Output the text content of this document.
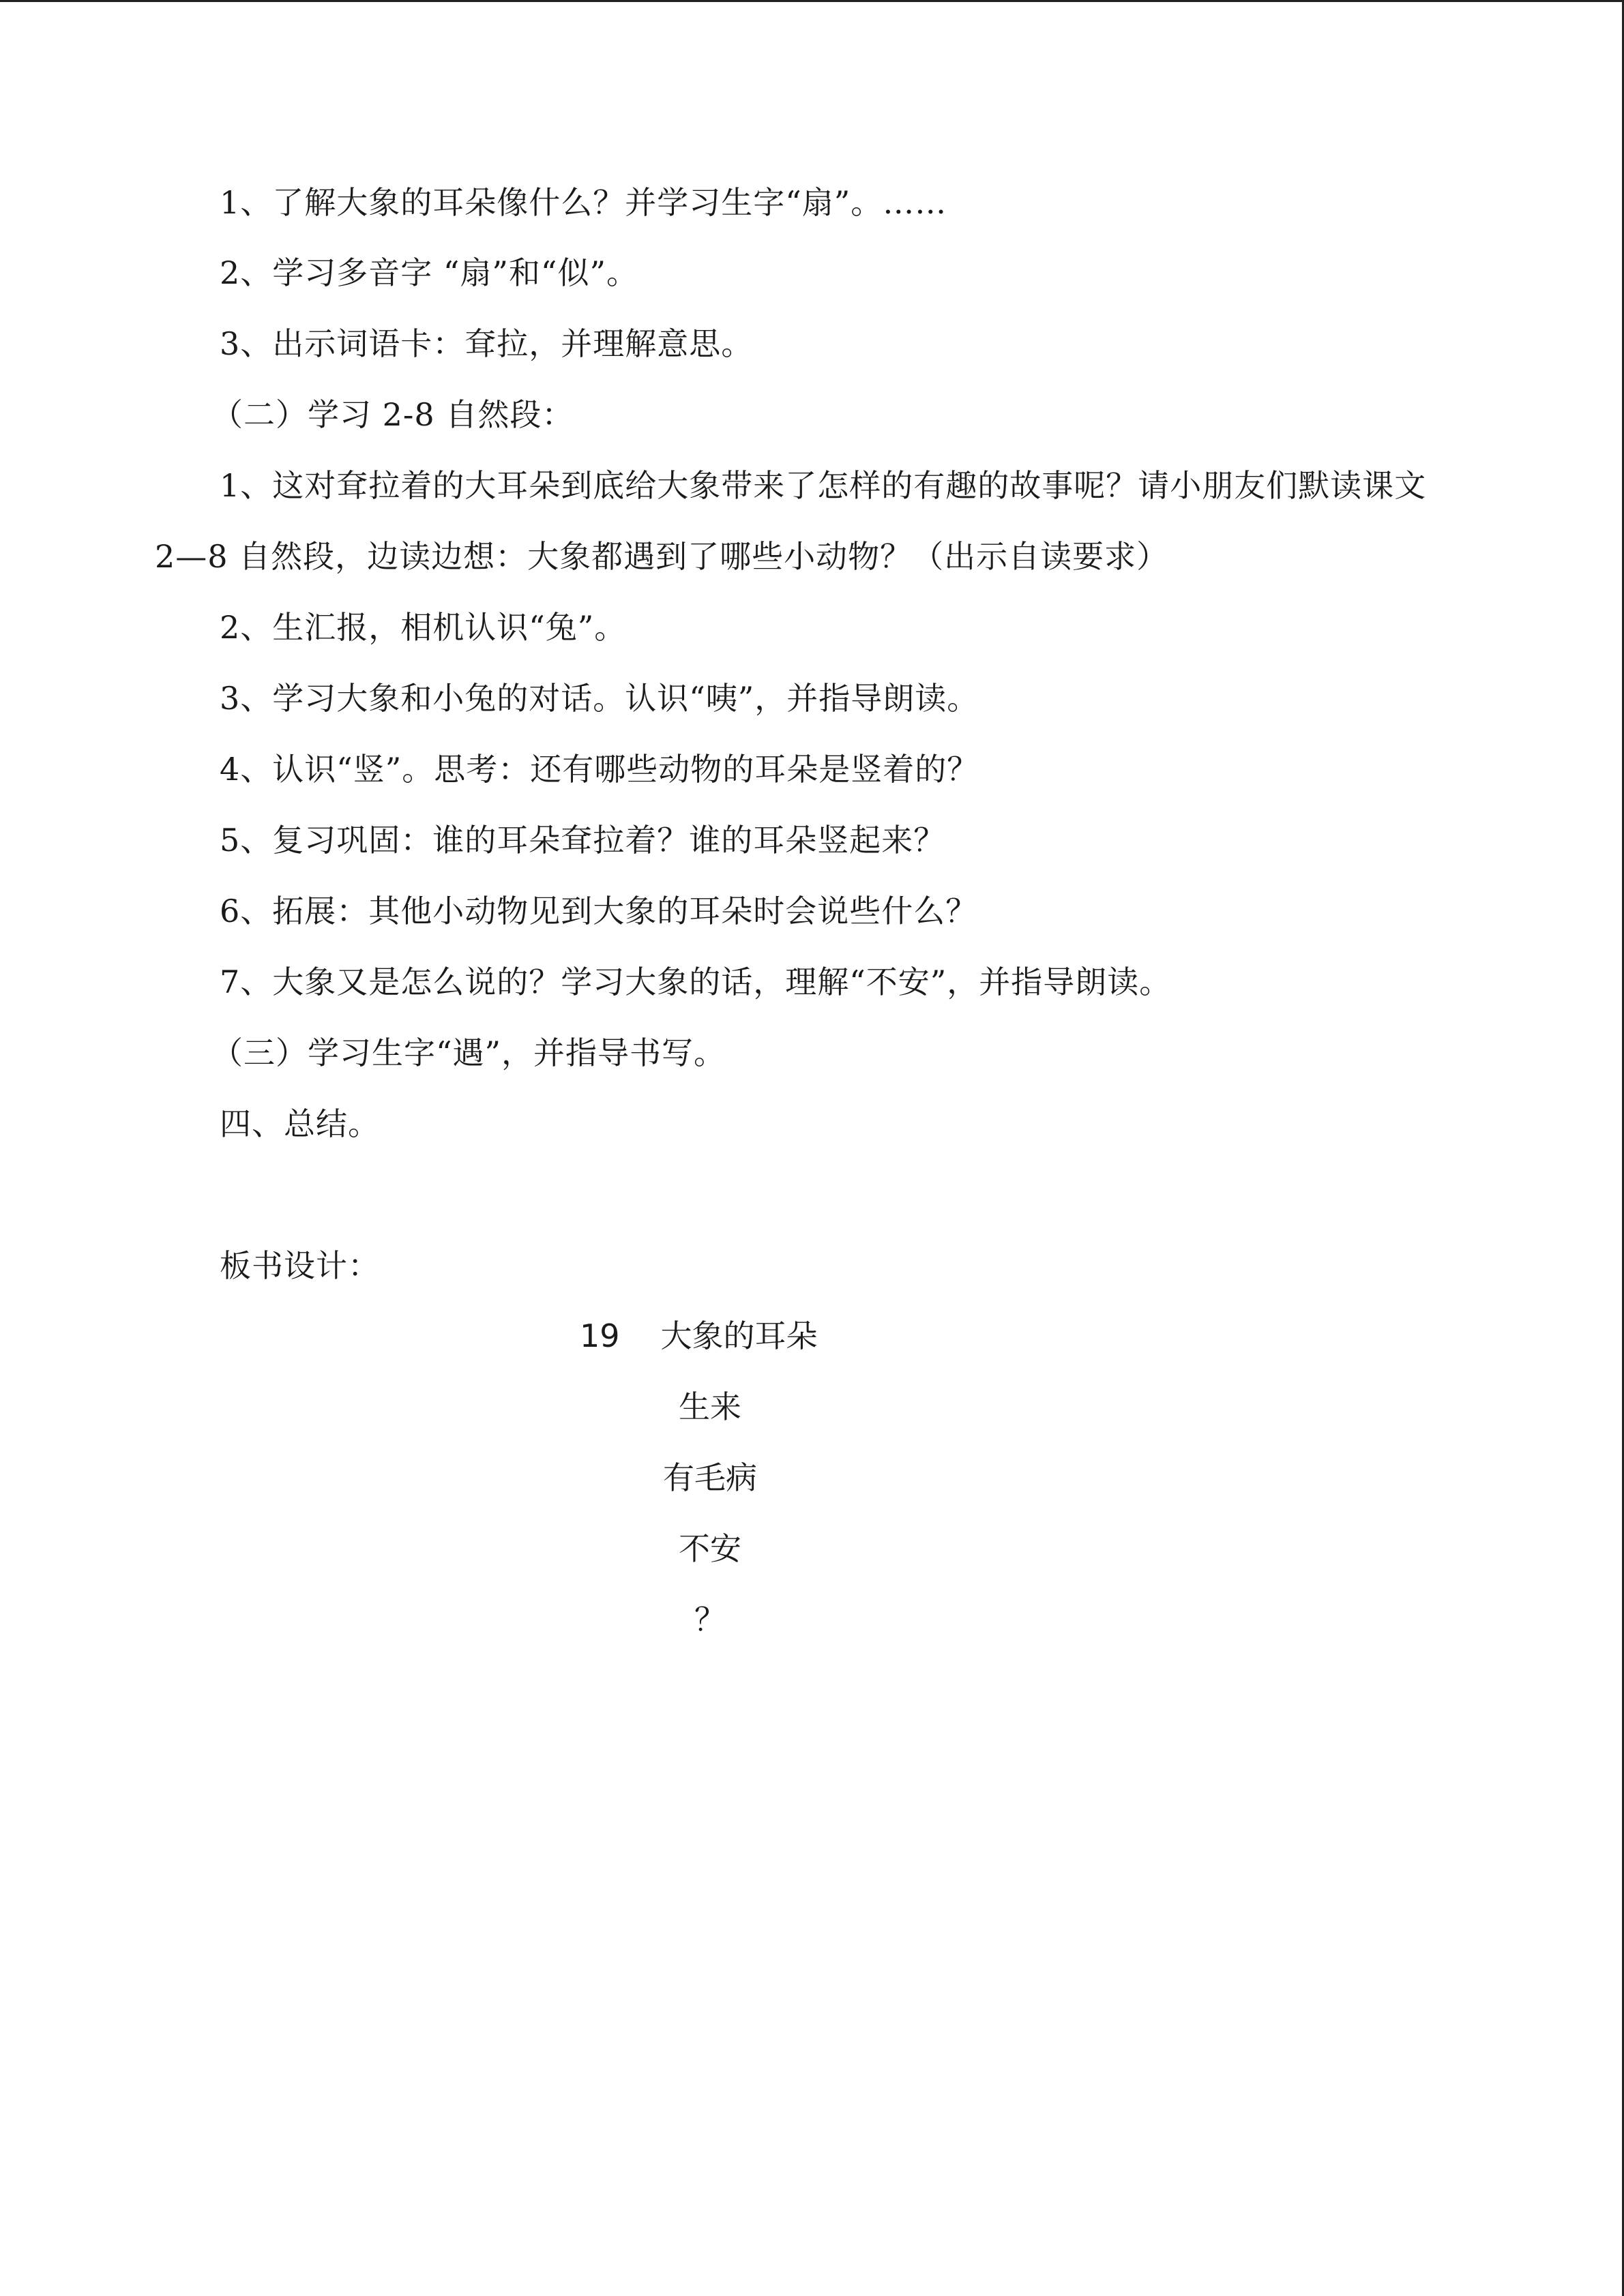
1、了解大象的耳朵像什么？并学习生字“扇”。……
2、学习多音字 “扇”和“似”。
3、出示词语卡：耷拉，并理解意思。
（二）学习 2-8 自然段：
1、这对耷拉着的大耳朵到底给大象带来了怎样的有趣的故事呢？请小朋友们默读课文
2—8 自然段，边读边想：大象都遇到了哪些小动物？（出示自读要求）
2、生汇报，相机认识“兔”。
3、学习大象和小兔的对话。认识“咦”，并指导朗读。
4、认识“竖”。思考：还有哪些动物的耳朵是竖着的？
5、复习巩固：谁的耳朵耷拉着？谁的耳朵竖起来？
6、拓展：其他小动物见到大象的耳朵时会说些什么？
7、大象又是怎么说的？学习大象的话，理解“不安”，并指导朗读。
（三）学习生字“遇”，并指导书写。
四、总结。
板书设计：
19 大象的耳朵
生来
有毛病
不安
？
